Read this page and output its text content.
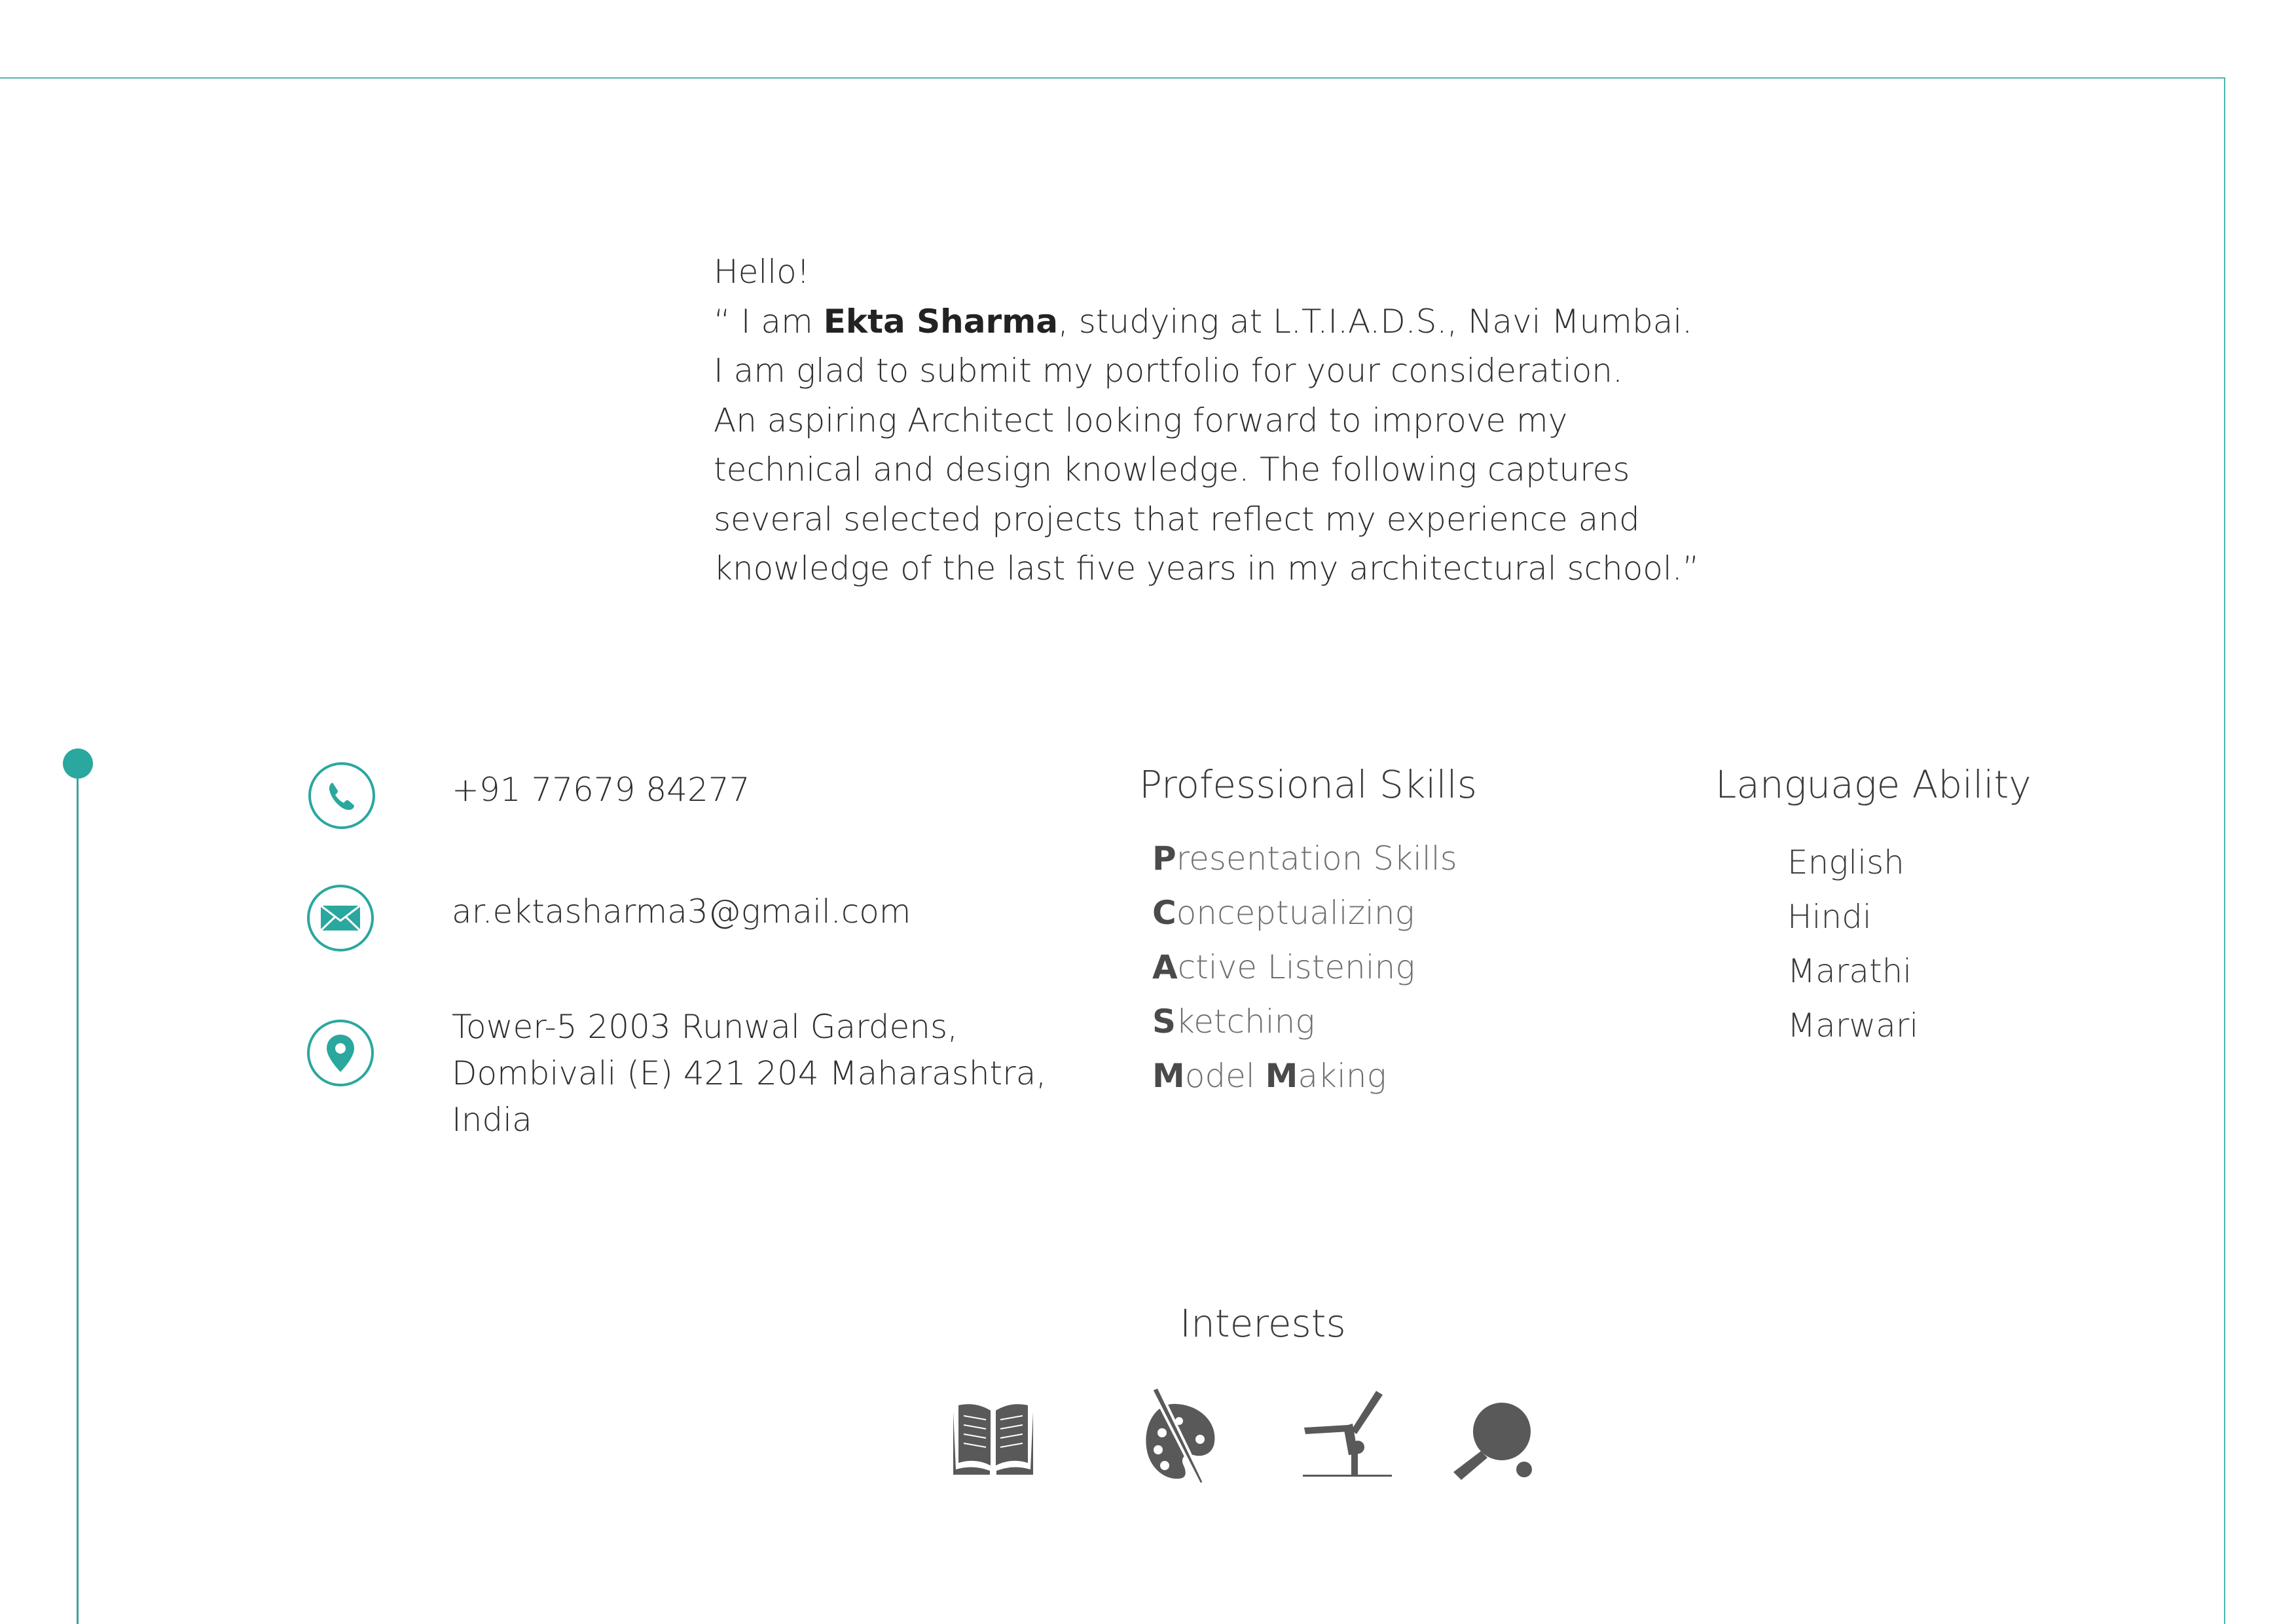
Hello!

“ I am Ekta Sharma, studying at L.T.I.A.D.S., Navi Mumbai.

I am glad to submit my portfolio for your consideration.

An aspiring Architect looking forward to improve my

technical and design knowledge. The following captures

several selected projects that reflect my experience and

knowledge of the last five years in my architectural school.”

+91 77679 84277
ar.ektasharma3@gmail.com
Tower-5 2003 Runwal Gardens,
Dombivali (E) 421 204 Maharashtra,
India
Professional Skills
Presentation Skills
Conceptualizing
Active Listening
Sketching
Model Making
Language Ability
English
Hindi
Marathi
Marwari
Interests
